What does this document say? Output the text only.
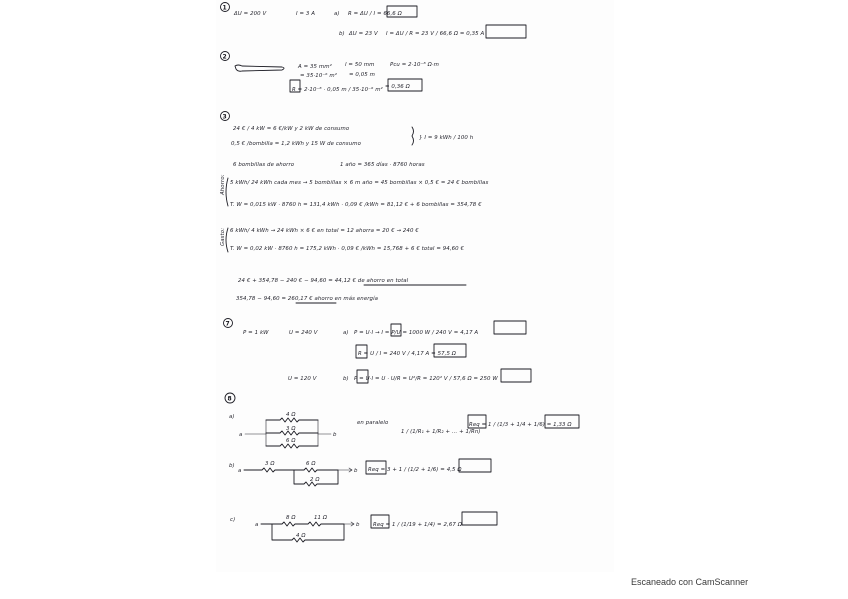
1
ΔU = 200 V	I = 3 A	a) R = ΔU / I = 66,6 Ω
b) ΔU = 23 V I = ΔU / R = 23 V / 66,6 Ω = 0,35 A
2
A = 35 mm² l = 50 mm	Pcu = 2·10⁻⁸ Ω·m
= 35·10⁻⁶ m² = 0,05 m
R = 2·10⁻⁸ · 0,05 m / 35·10⁻⁶ m² = 0,36 Ω
3
24 € / 4 kW = 6 €/kW y 2 kW de consumo
0,5 € /bombilla = 1,2 kWh y 15 W de consumo
} I = 9 kWh / 100 h
6 bombillas de ahorro	1 año = 365 días · 8760 horas
Ahorro: 5 kWh/ 24 kWh cada mes → 5 bombillas × 6 m año = 45 bombillas × 0,5 € = 24 € bombillas
T. W = 0,015 kW · 8760 h = 131,4 kWh · 0,09 € /kWh = 81,12 € + 6 bombillas = 354,78 €
Gasto: 6 kWh/ 4 kWh → 24 kWh × 6 € en total = 12 ahorra = 20 € → 240 €
T. W = 0,02 kW · 8760 h = 175,2 kWh · 0,09 € /kWh = 15,768 + 6 € total = 94,60 €
24 € + 354,78 − 240 € − 94,60 = 44,12 € de ahorro en total
354,78 − 94,60 = 260,17 € ahorro en más energía
7
P = 1 kW	U = 240 V	a) P = U·I → I = P/U = 1000 W / 240 V = 4,17 A
R = U / I = 240 V / 4,17 A = 57,5 Ω
U = 120 V	b) P = U·I = U · U/R = U²/R = 120² V / 57,6 Ω = 250 W
8
a)
a
4 Ω
3 Ω
6 Ω
b
en paralelo
1 / (1/R₁ + 1/R₂ + ... + 1/Rn)
Req = 1 / (1/3 + 1/4 + 1/6) = 1,33 Ω
b)
a
3 Ω	6 Ω
2 Ω
b Req = 3 + 1 / (1/2 + 1/6) = 4,5 Ω
c)
a
8 Ω	11 Ω
4 Ω
b Req = 1 / (1/19 + 1/4) = 2,67 Ω
Escaneado con CamScanner
